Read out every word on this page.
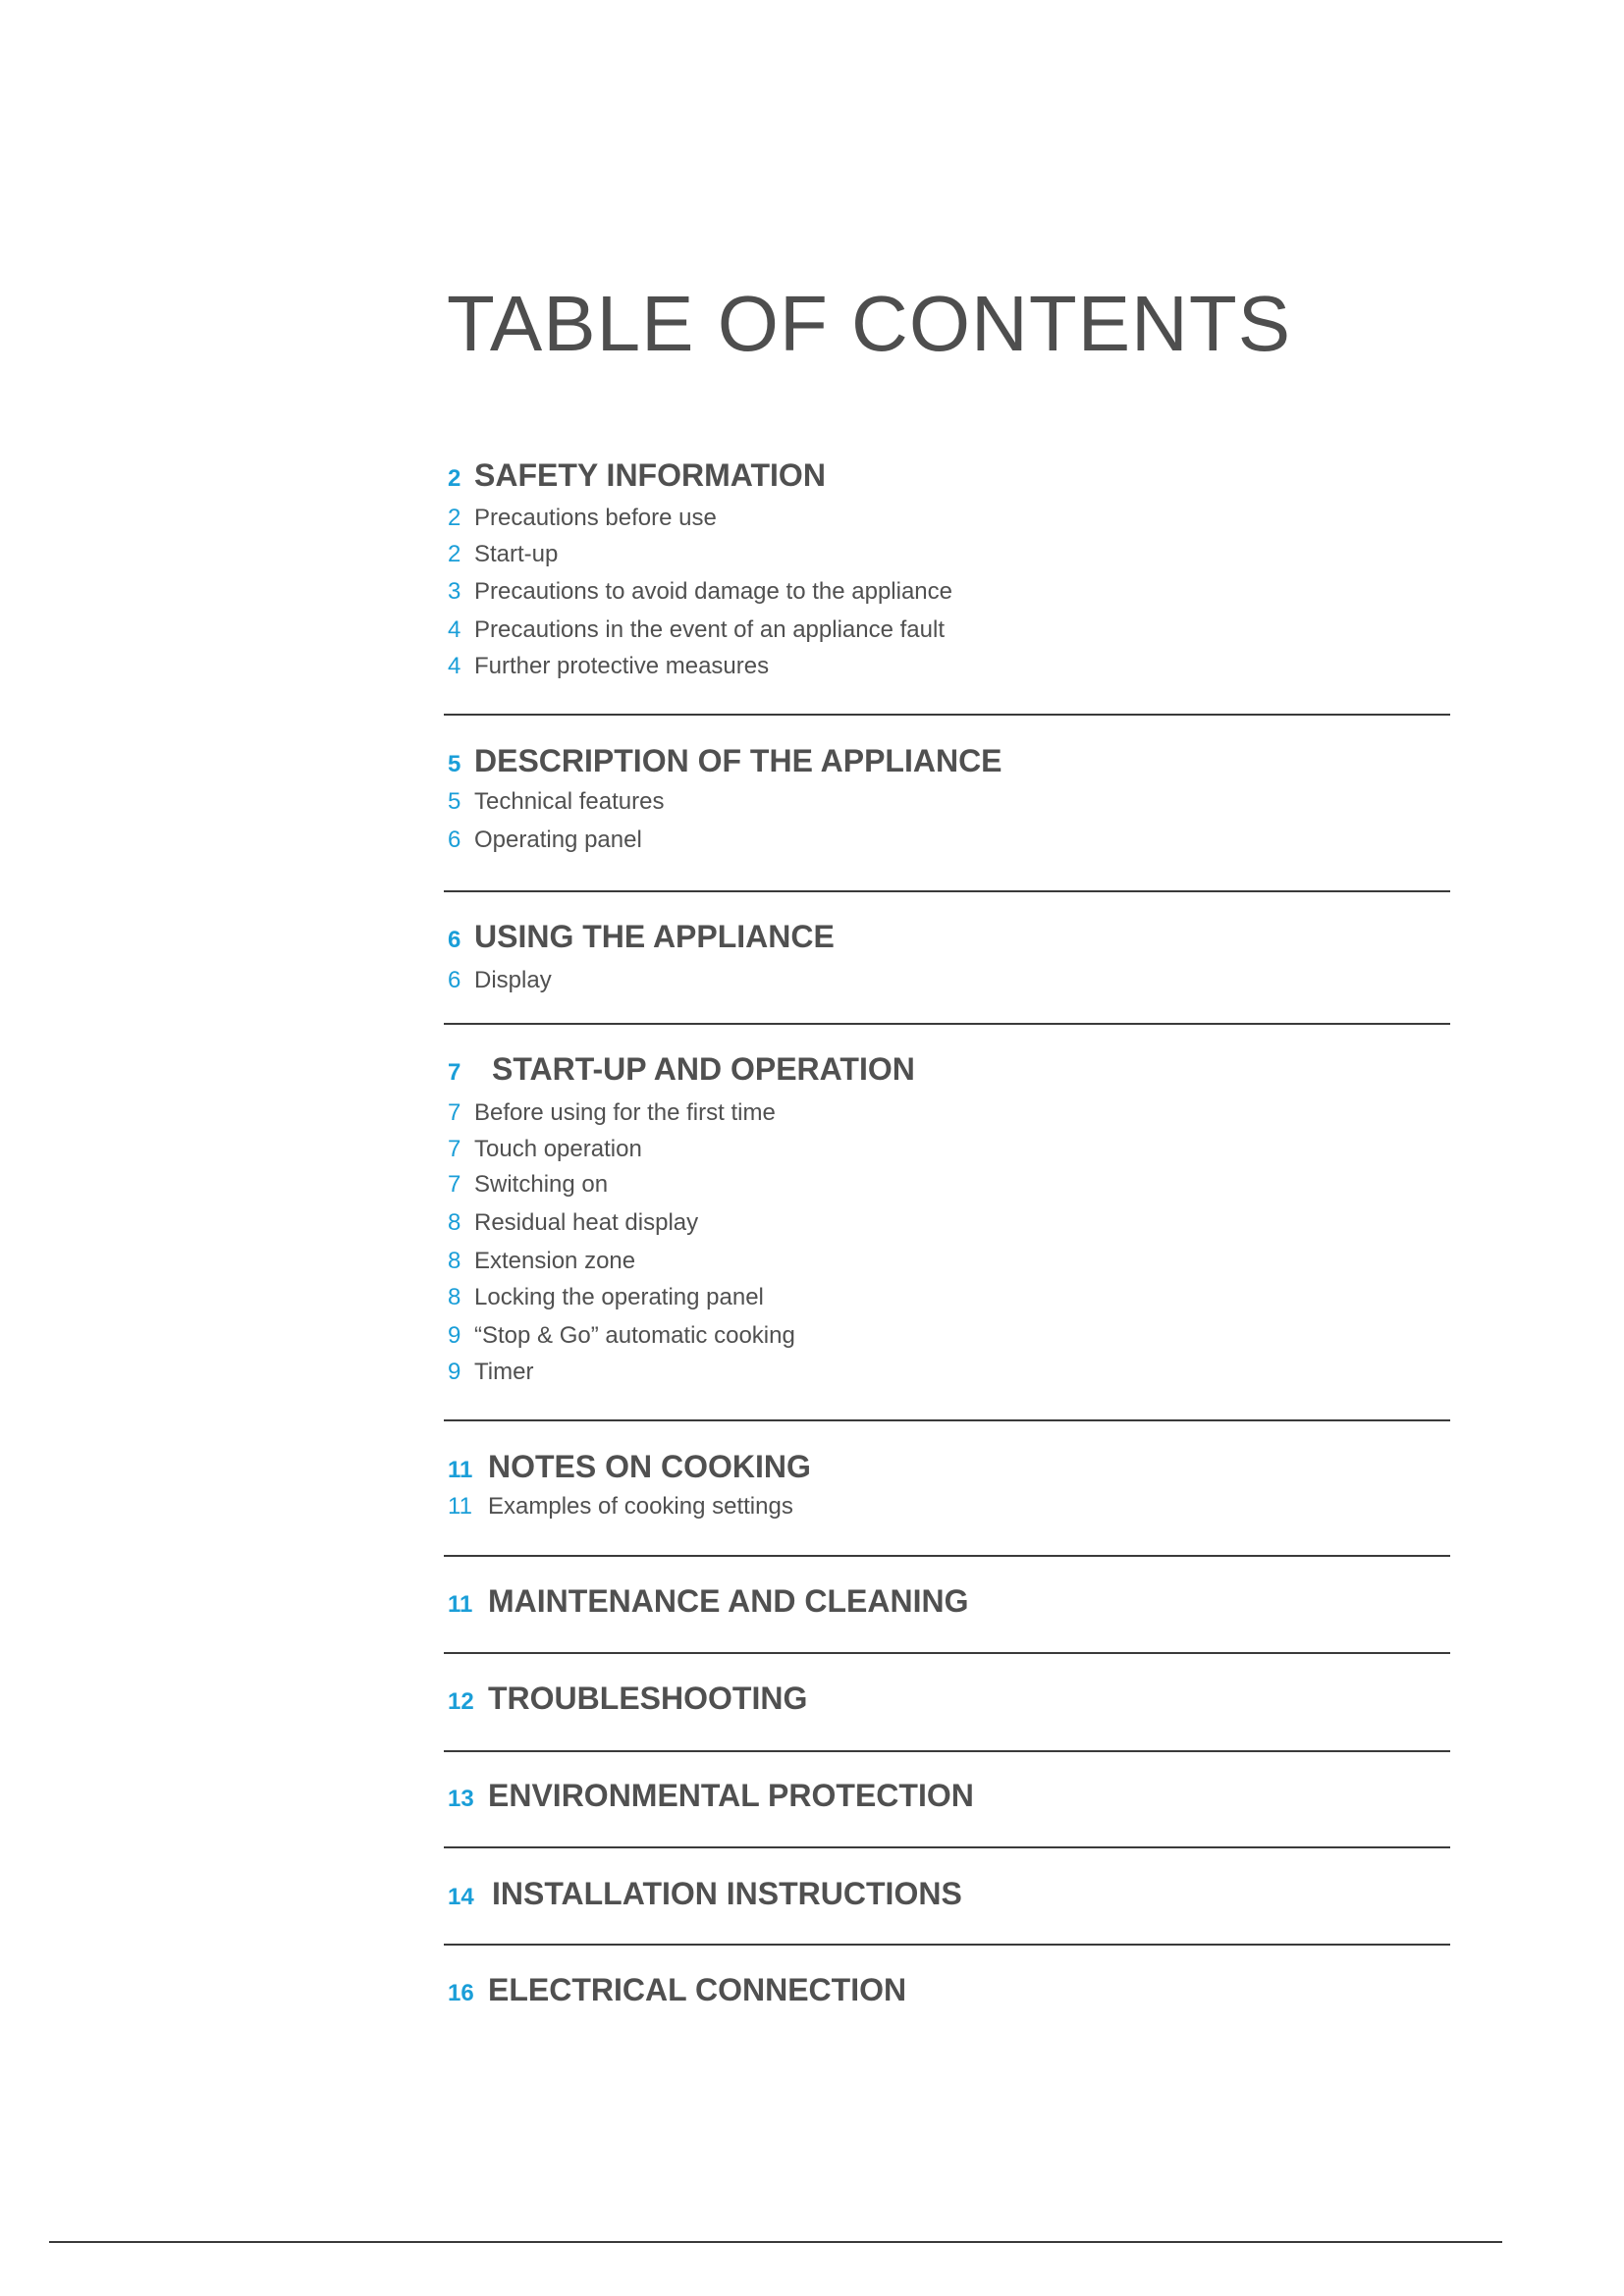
TABLE OF CONTENTS
2 SAFETY INFORMATION
2 Precautions before use
2 Start-up
3 Precautions to avoid damage to the appliance
4 Precautions in the event of an appliance fault
4 Further protective measures
5 DESCRIPTION OF THE APPLIANCE
5 Technical features
6 Operating panel
6 USING THE APPLIANCE
6 Display
7 START-UP AND OPERATION
7 Before using for the first time
7 Touch operation
7 Switching on
8 Residual heat display
8 Extension zone
8 Locking the operating panel
9 “Stop & Go” automatic cooking
9 Timer
11 NOTES ON COOKING
11 Examples of cooking settings
11 MAINTENANCE AND CLEANING
12 TROUBLESHOOTING
13 ENVIRONMENTAL PROTECTION
14 INSTALLATION INSTRUCTIONS
16 ELECTRICAL CONNECTION
